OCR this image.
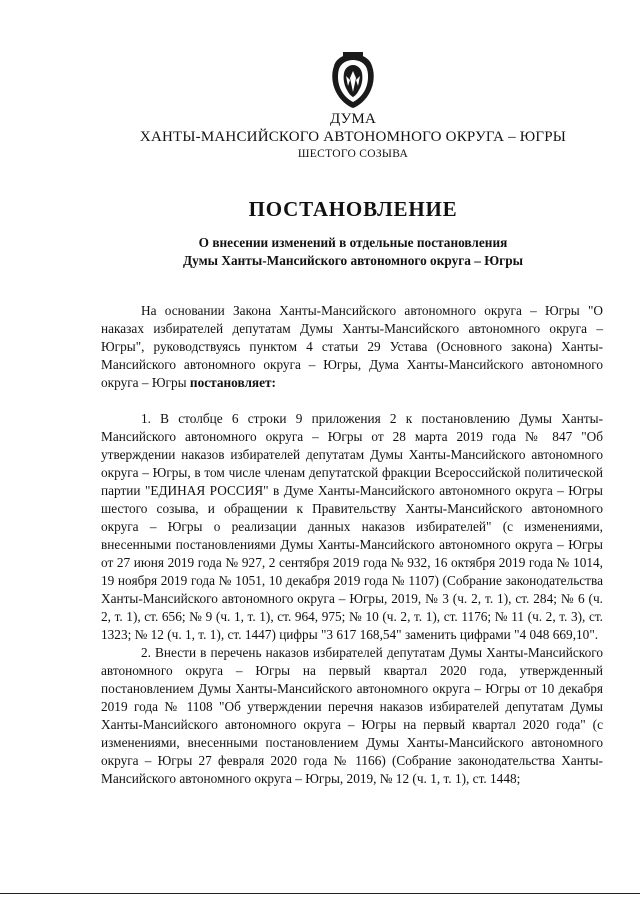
ДУМА
ХАНТЫ-МАНСИЙСКОГО АВТОНОМНОГО ОКРУГА – ЮГРЫ
ШЕСТОГО СОЗЫВА
ПОСТАНОВЛЕНИЕ
О внесении изменений в отдельные постановления
Думы Ханты-Мансийского автономного округа – Югры

На основании Закона Ханты-Мансийского автономного округа – Югры "О наказах избирателей депутатам Думы Ханты-Мансийского автономного округа – Югры", руководствуясь пунктом 4 статьи 29 Устава (Основного закона) Ханты-Мансийского автономного округа – Югры, Дума Ханты-Мансийского автономного округа – Югры постановляет:

1. В столбце 6 строки 9 приложения 2 к постановлению Думы Ханты-Мансийского автономного округа – Югры от 28 марта 2019 года № 847 "Об утверждении наказов избирателей депутатам Думы Ханты-Мансийского автономного округа – Югры, в том числе членам депутатской фракции Всероссийской политической партии "ЕДИНАЯ РОССИЯ" в Думе Ханты-Мансийского автономного округа – Югры шестого созыва, и обращении к Правительству Ханты-Мансийского автономного округа – Югры о реализации данных наказов избирателей" (с изменениями, внесенными постановлениями Думы Ханты-Мансийского автономного округа – Югры от 27 июня 2019 года № 927, 2 сентября 2019 года № 932, 16 октября 2019 года № 1014, 19 ноября 2019 года № 1051, 10 декабря 2019 года № 1107) (Собрание законодательства Ханты-Мансийского автономного округа – Югры, 2019, № 3 (ч. 2, т. 1), ст. 284; № 6 (ч. 2, т. 1), ст. 656; № 9 (ч. 1, т. 1), ст. 964, 975; № 10 (ч. 2, т. 1), ст. 1176; № 11 (ч. 2, т. 3), ст. 1323; № 12 (ч. 1, т. 1), ст. 1447) цифры "3 617 168,54" заменить цифрами "4 048 669,10".

2. Внести в перечень наказов избирателей депутатам Думы Ханты-Мансийского автономного округа – Югры на первый квартал 2020 года, утвержденный постановлением Думы Ханты-Мансийского автономного округа – Югры от 10 декабря 2019 года № 1108 "Об утверждении перечня наказов избирателей депутатам Думы Ханты-Мансийского автономного округа – Югры на первый квартал 2020 года" (с изменениями, внесенными постановлением Думы Ханты-Мансийского автономного округа – Югры 27 февраля 2020 года № 1166) (Собрание законодательства Ханты-Мансийского автономного округа – Югры, 2019, № 12 (ч. 1, т. 1), ст. 1448;
